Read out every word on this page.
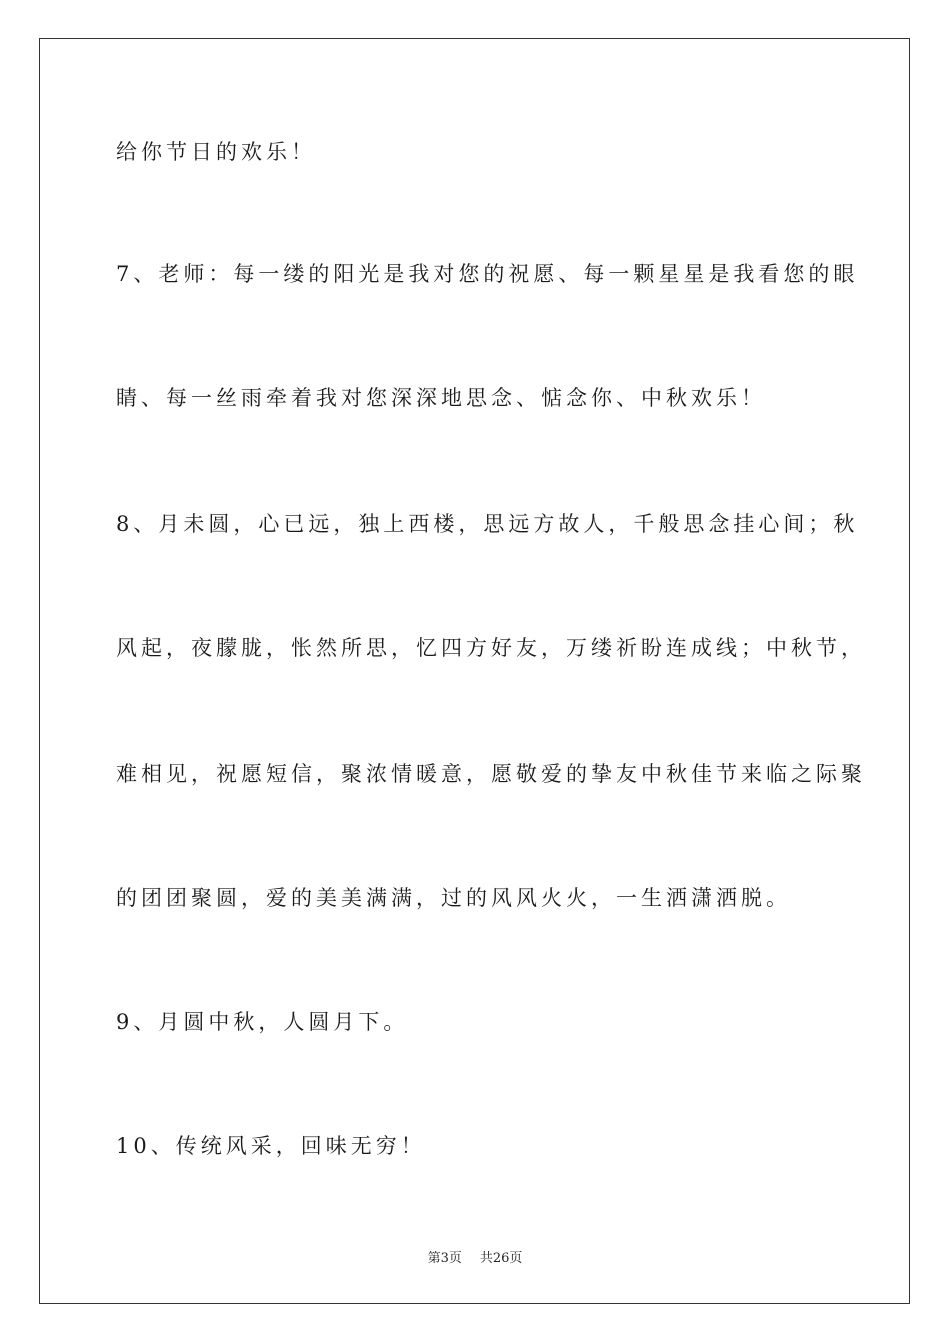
给你节日的欢乐！
7、老师：每一缕的阳光是我对您的祝愿、每一颗星星是我看您的眼
睛、每一丝雨牵着我对您深深地思念、惦念你、中秋欢乐！
8、月未圆，心已远，独上西楼，思远方故人，千般思念挂心间；秋
风起，夜朦胧，怅然所思，忆四方好友，万缕祈盼连成线；中秋节，
难相见，祝愿短信，聚浓情暖意，愿敬爱的挚友中秋佳节来临之际聚
的团团聚圆，爱的美美满满，过的风风火火，一生洒潇洒脱。
9、月圆中秋，人圆月下。
10、传统风采，回味无穷！
第3页 共26页
